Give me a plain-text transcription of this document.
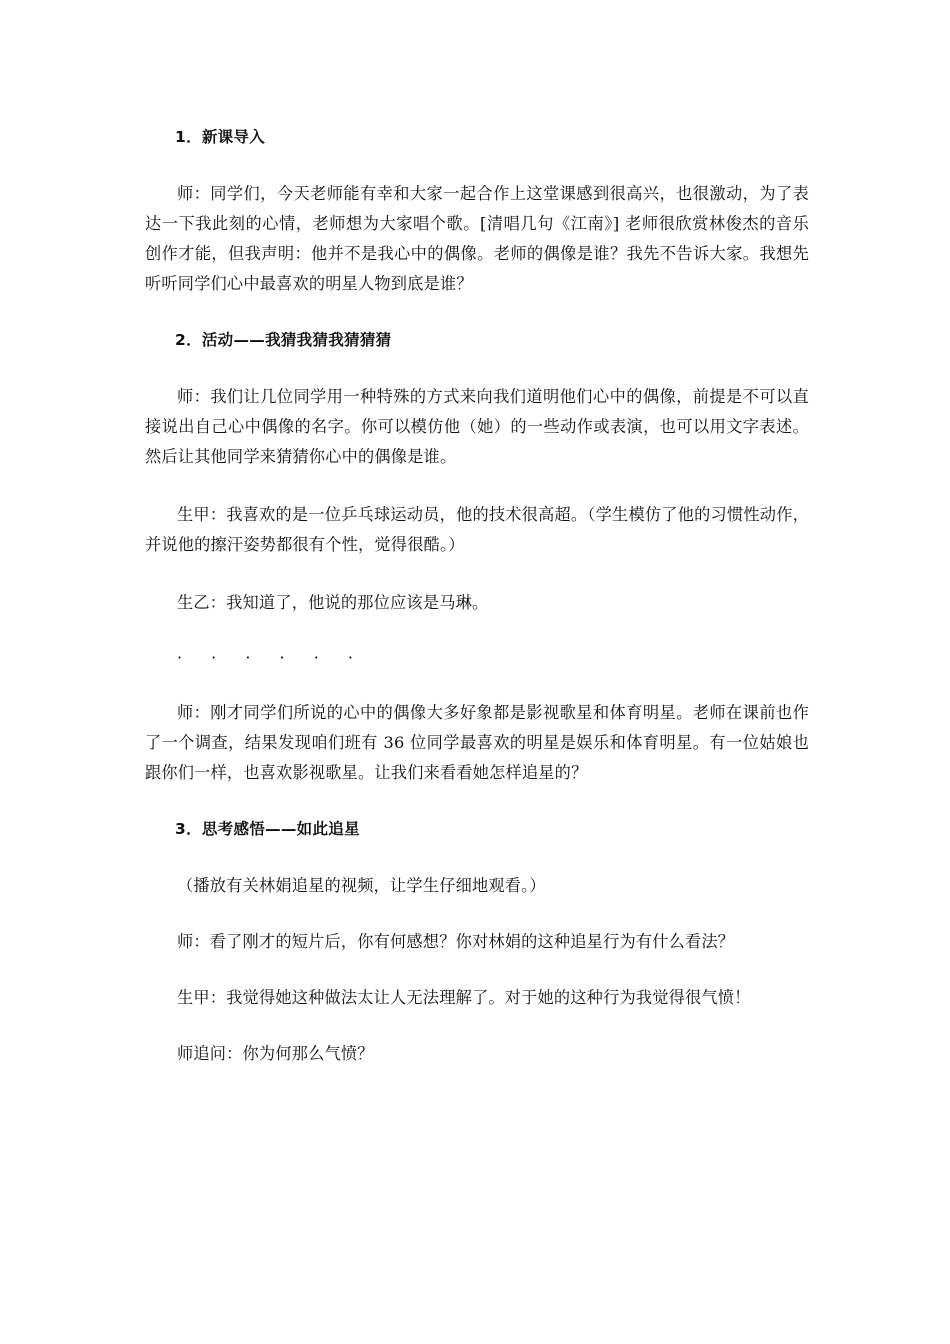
1．新课导入

师：同学们，今天老师能有幸和大家一起合作上这堂课感到很高兴，也很激动，为了表达一下我此刻的心情，老师想为大家唱个歌。[清唱几句《江南》] 老师很欣赏林俊杰的音乐创作才能，但我声明：他并不是我心中的偶像。老师的偶像是谁？我先不告诉大家。我想先听听同学们心中最喜欢的明星人物到底是谁？

2．活动——我猜我猜我猜猜猜

师：我们让几位同学用一种特殊的方式来向我们道明他们心中的偶像，前提是不可以直接说出自己心中偶像的名字。你可以模仿他（她）的一些动作或表演，也可以用文字表述。然后让其他同学来猜猜你心中的偶像是谁。

生甲：我喜欢的是一位乒乓球运动员，他的技术很高超。（学生模仿了他的习惯性动作，并说他的擦汗姿势都很有个性，觉得很酷。）

生乙：我知道了，他说的那位应该是马琳。

· · · · · ·

师：刚才同学们所说的心中的偶像大多好象都是影视歌星和体育明星。老师在课前也作了一个调查，结果发现咱们班有 36 位同学最喜欢的明星是娱乐和体育明星。有一位姑娘也跟你们一样，也喜欢影视歌星。让我们来看看她怎样追星的？

3．思考感悟——如此追星

（播放有关林娟追星的视频，让学生仔细地观看。）

师：看了刚才的短片后，你有何感想？你对林娟的这种追星行为有什么看法？

生甲：我觉得她这种做法太让人无法理解了。对于她的这种行为我觉得很气愤！

师追问：你为何那么气愤？
